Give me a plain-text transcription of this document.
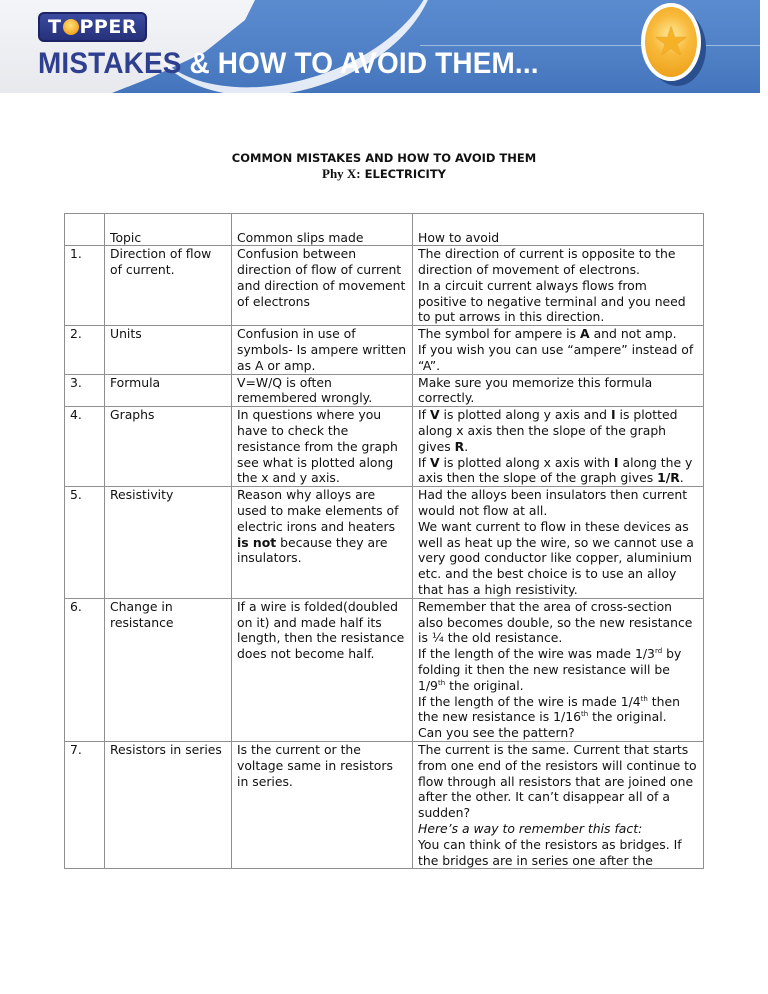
T PPER
MISTAKES & HOW TO AVOID THEM...	★
COMMON MISTAKES AND HOW TO AVOID THEM
Phy X: ELECTRICITY

	Topic	Common slips made	How to avoid
1.	Direction of flow of current.	Confusion between direction of flow of current and direction of movement of electrons	The direction of current is opposite to the direction of movement of electrons.
In a circuit current always flows from positive to negative terminal and you need to put arrows in this direction.

2.	Units	Confusion in use of symbols- Is ampere written as A or amp.	The symbol for ampere is A and not amp.
If you wish you can use “ampere” instead of “A”.

3.	Formula	V=W/Q is often remembered wrongly.	Make sure you memorize this formula correctly.
4.	Graphs	In questions where you have to check the resistance from the graph see what is plotted along the x and y axis.	If V is plotted along y axis and I is plotted along x axis then the slope of the graph gives R.
If V is plotted along x axis with I along the y axis then the slope of the graph gives 1/R.

5.	Resistivity	Reason why alloys are used to make elements of electric irons and heaters is not because they are insulators.	Had the alloys been insulators then current would not flow at all.
We want current to flow in these devices as well as heat up the wire, so we cannot use a very good conductor like copper, aluminium etc. and the best choice is to use an alloy that has a high resistivity.

6.	Change in resistance	If a wire is folded(doubled on it) and made half its length, then the resistance does not become half.	Remember that the area of cross-section also becomes double, so the new resistance is ¼ the old resistance.
If the length of the wire was made 1/3rd by folding it then the new resistance will be 1/9th the original.
If the length of the wire is made 1/4th then the new resistance is 1/16th the original.
Can you see the pattern?

7.	Resistors in series	Is the current or the voltage same in resistors in series.	The current is the same. Current that starts from one end of the resistors will continue to flow through all resistors that are joined one after the other. It can’t disappear all of a sudden?
Here’s a way to remember this fact:
You can think of the resistors as bridges. If the bridges are in series one after the
